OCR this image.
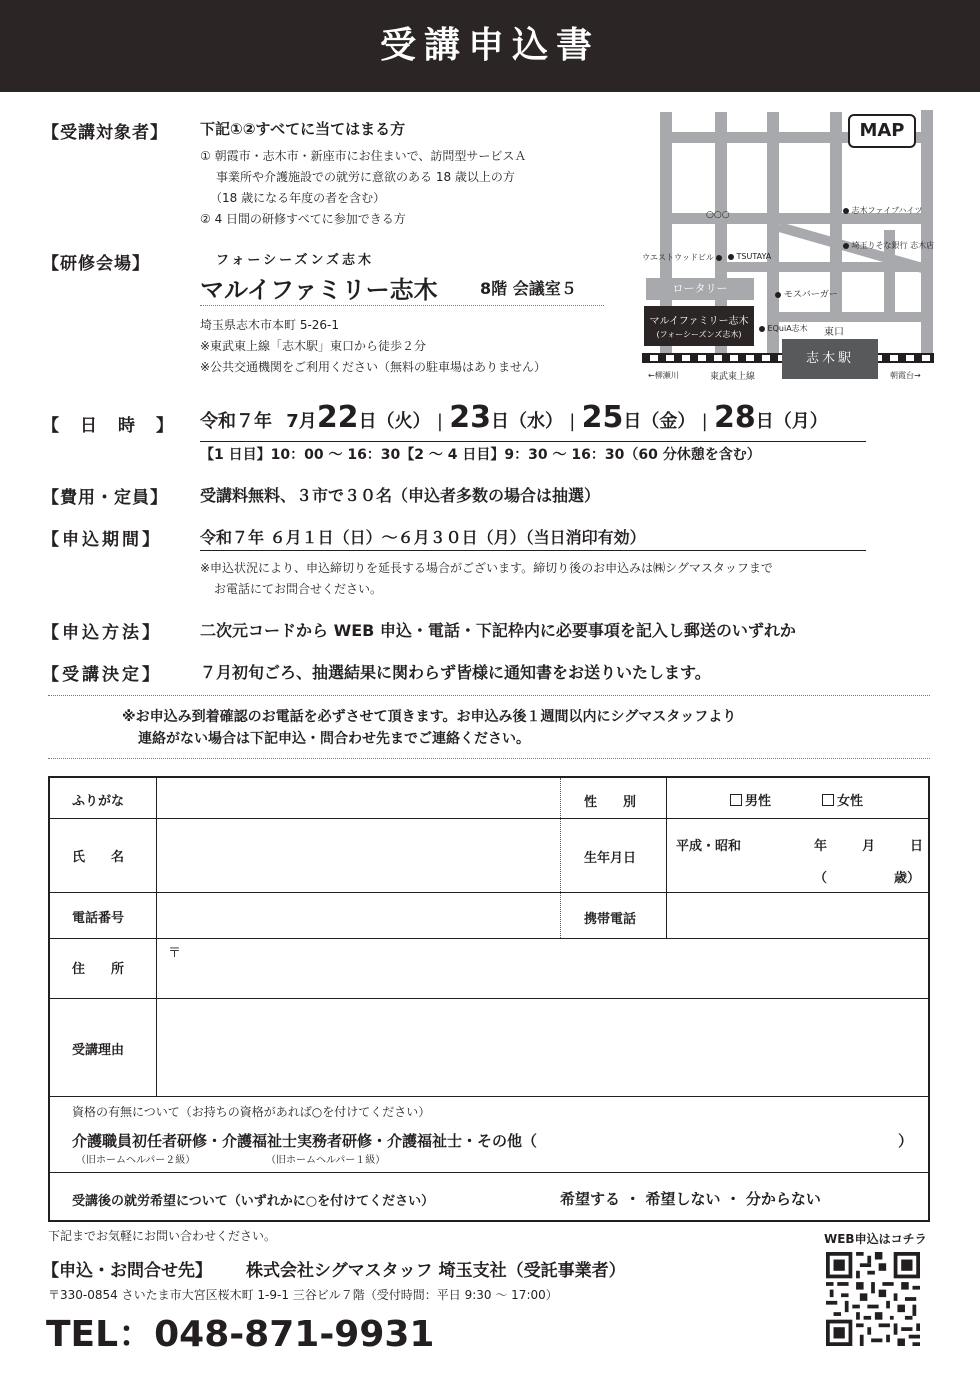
受講申込書
【受講対象者】 下記①②すべてに当てはまる方
① 朝霞市・志木市・新座市にお住まいで、訪問型サービスＡ
事業所や介護施設での就労に意欲のある 18 歳以上の方
（18 歳になる年度の者を含む）
② 4 日間の研修すべてに参加できる方
【研修会場】	フォーシーズンズ志木
マルイファミリー志木	8階 会議室５
埼玉県志木市本町 5-26-1
※東武東上線「志木駅」東口から徒歩２分
※公共交通機関をご利用ください（無料の駐車場はありません）
MAP
○○○	志木ファイブハイツ
埼玉りそな銀行 志木店
ウエストウッドビル	TSUTAYA
ロータリー	モスバーガー
マルイファミリー志木
(フォーシーズンズ志木)
EQuiA志木 東口
志木駅
←柳瀬川	東武東上線	朝霞台→
【　日　時　】 令和７年 7月22日（火） | 23日（水） | 25日（金） | 28日（月）
【1 日目】10：00 ～ 16：30【2 ～ 4 日目】9：30 ～ 16：30（60 分休憩を含む）
【費用・定員】 受講料無料、３市で３０名（申込者多数の場合は抽選）
【申込期間】 令和７年 ６月１日（日）～６月３０日（月）（当日消印有効）
※申込状況により、申込締切りを延長する場合がございます。締切り後のお申込みは㈱シグマスタッフまで
お電話にてお問合せください。
【申込方法】 二次元コードから WEB 申込・電話・下記枠内に必要事項を記入し郵送のいずれか
【受講決定】 ７月初旬ごろ、抽選結果に関わらず皆様に通知書をお送りいたします。
※お申込み到着確認のお電話を必ずさせて頂きます。お申込み後１週間以内にシグマスタッフより
連絡がない場合は下記申込・問合わせ先までご連絡ください。
ふりがな	性　　別	男性	女性
氏　　名	生年月日
平成・昭和	年	月	日
（	歳）
電話番号	携帯電話
住　　所
〒
受講理由
資格の有無について（お持ちの資格があれば○を付けてください）
介護職員初任者研修・介護福祉士実務者研修・介護福祉士・その他（	）
（旧ホームヘルパー２級）	（旧ホームヘルパー１級）
受講後の就労希望について（いずれかに○を付けてください）	希望する ・ 希望しない ・ 分からない
下記までお気軽にお問い合わせください。
【申込・お問合せ先】 株式会社シグマスタッフ 埼玉支社（受託事業者）
〒330-0854 さいたま市大宮区桜木町 1-9-1 三谷ビル７階（受付時間：平日 9:30 ～ 17:00）
TEL：048-871-9931
WEB申込はコチラ
